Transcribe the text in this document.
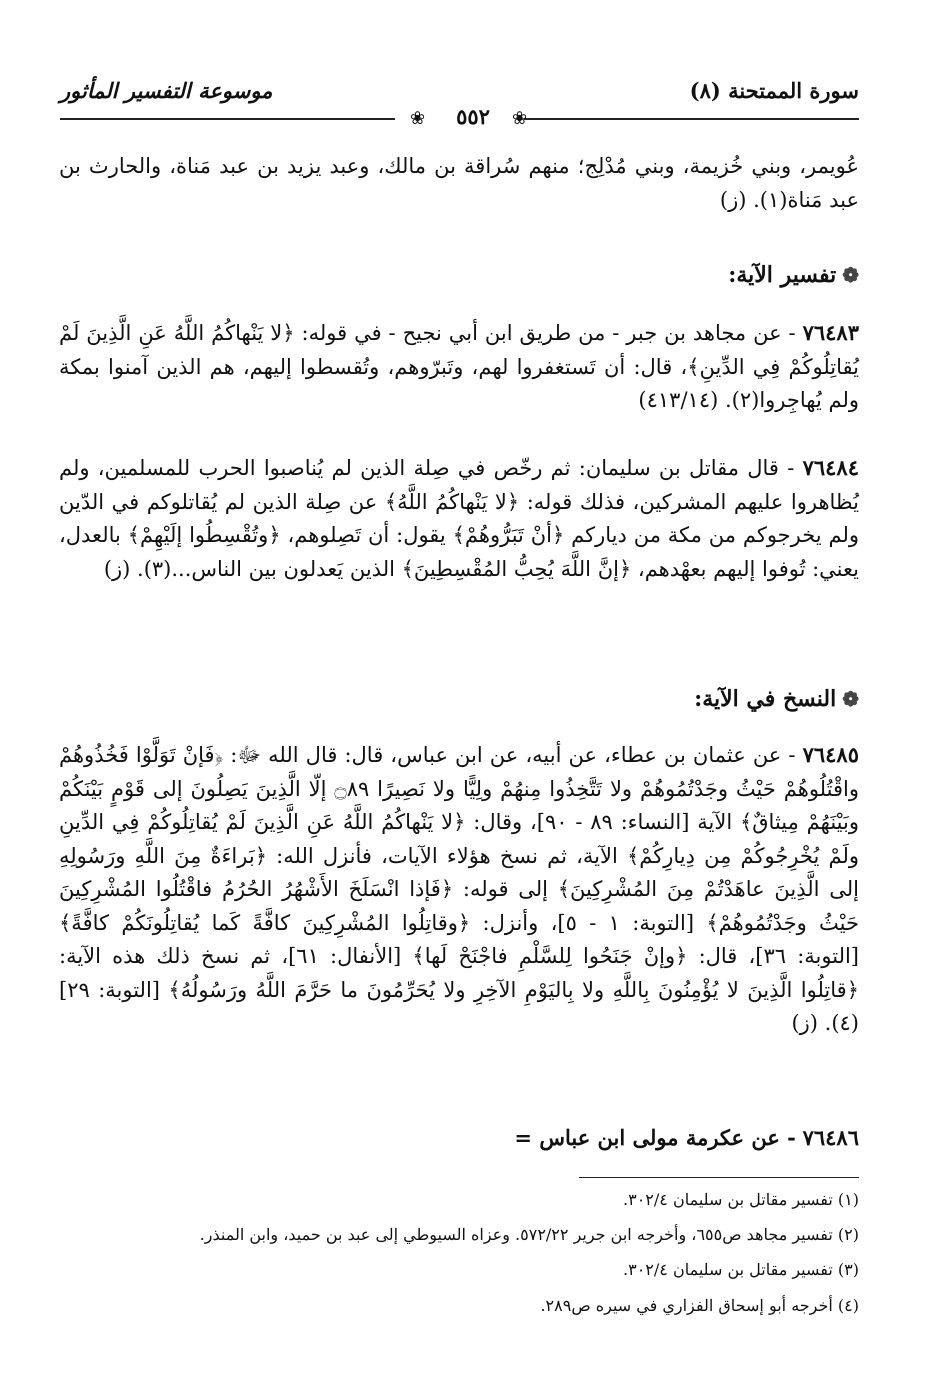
سورة الممتحنة (٨)
موسوعة التفسير المأثور
❀
❀	٥٥٢

عُويمر، وبني خُزيمة، وبني مُدْلِج؛ منهم سُراقة بن مالك، وعبد يزيد بن عبد مَناة، والحارث بن عبد مَناة(١). (ز)

❁تفسير الآية:

٧٦٤٨٣ - عن مجاهد بن جبر - من طريق ابن أبي نجيح - في قوله: ﴿لا يَنْهاكُمُ اللَّهُ عَنِ الَّذِينَ لَمْ يُقاتِلُوكُمْ فِي الدِّينِ﴾، قال: أن تَستغفروا لهم، وتَبرّوهم، وتُقسطوا إليهم، هم الذين آمنوا بمكة ولم يُهاجِروا(٢). (٤١٣/١٤)

٧٦٤٨٤ - قال مقاتل بن سليمان: ثم رخّص في صِلة الذين لم يُناصبوا الحرب للمسلمين، ولم يُظاهروا عليهم المشركين، فذلك قوله: ﴿لا يَنْهاكُمُ اللَّهُ﴾ عن صِلة الذين لم يُقاتلوكم في الدّين ولم يخرجوكم من مكة من دياركم ﴿أنْ تَبَرُّوهُمْ﴾ يقول: أن تَصِلوهم، ﴿وتُقْسِطُوا إلَيْهِمْ﴾ بالعدل، يعني: تُوفوا إليهم بعهْدهم، ﴿إنَّ اللَّهَ يُحِبُّ المُقْسِطِينَ﴾ الذين يَعدلون بين الناس...(٣). (ز)

❁النسخ في الآية:

٧٦٤٨٥ - عن عثمان بن عطاء، عن أبيه، عن ابن عباس، قال: قال الله ﷻ: ﴿فَإنْ تَوَلَّوْا فَخُذُوهُمْ واقْتُلُوهُمْ حَيْثُ وجَدْتُمُوهُمْ ولا تَتَّخِذُوا مِنهُمْ ولِيًّا ولا نَصِيرًا ۝٨٩ إلّا الَّذِينَ يَصِلُونَ إلى قَوْمٍ بَيْنَكُمْ وبَيْنَهُمْ مِيثاقٌ﴾ الآية [النساء: ٨٩ - ٩٠]، وقال: ﴿لا يَنْهاكُمُ اللَّهُ عَنِ الَّذِينَ لَمْ يُقاتِلُوكُمْ فِي الدِّينِ ولَمْ يُخْرِجُوكُمْ مِن دِيارِكُمْ﴾ الآية، ثم نسخ هؤلاء الآيات، فأنزل الله: ﴿بَراءَةٌ مِنَ اللَّهِ ورَسُولِهِ إلى الَّذِينَ عاهَدْتُمْ مِنَ المُشْرِكِينَ﴾ إلى قوله: ﴿فَإذا انْسَلَخَ الأَشْهُرُ الحُرُمُ فاقْتُلُوا المُشْرِكِينَ حَيْثُ وجَدْتُمُوهُمْ﴾ [التوبة: ١ - ٥]، وأنزل: ﴿وقاتِلُوا المُشْرِكِينَ كافَّةً كَما يُقاتِلُونَكُمْ كافَّةً﴾ [التوبة: ٣٦]، قال: ﴿وإنْ جَنَحُوا لِلسَّلْمِ فاجْنَحْ لَها﴾ [الأنفال: ٦١]، ثم نسخ ذلك هذه الآية: ﴿قاتِلُوا الَّذِينَ لا يُؤْمِنُونَ بِاللَّهِ ولا بِاليَوْمِ الآخِرِ ولا يُحَرِّمُونَ ما حَرَّمَ اللَّهُ ورَسُولُهُ﴾ [التوبة: ٢٩](٤). (ز)

٧٦٤٨٦ - عن عكرمة مولى ابن عباس =

(١) تفسير مقاتل بن سليمان ٣٠٢/٤.

(٢) تفسير مجاهد ص٦٥٥، وأخرجه ابن جرير ٥٧٢/٢٢. وعزاه السيوطي إلى عبد بن حميد، وابن المنذر.

(٣) تفسير مقاتل بن سليمان ٣٠٢/٤.

(٤) أخرجه أبو إسحاق الفزاري في سيره ص٢٨٩.
